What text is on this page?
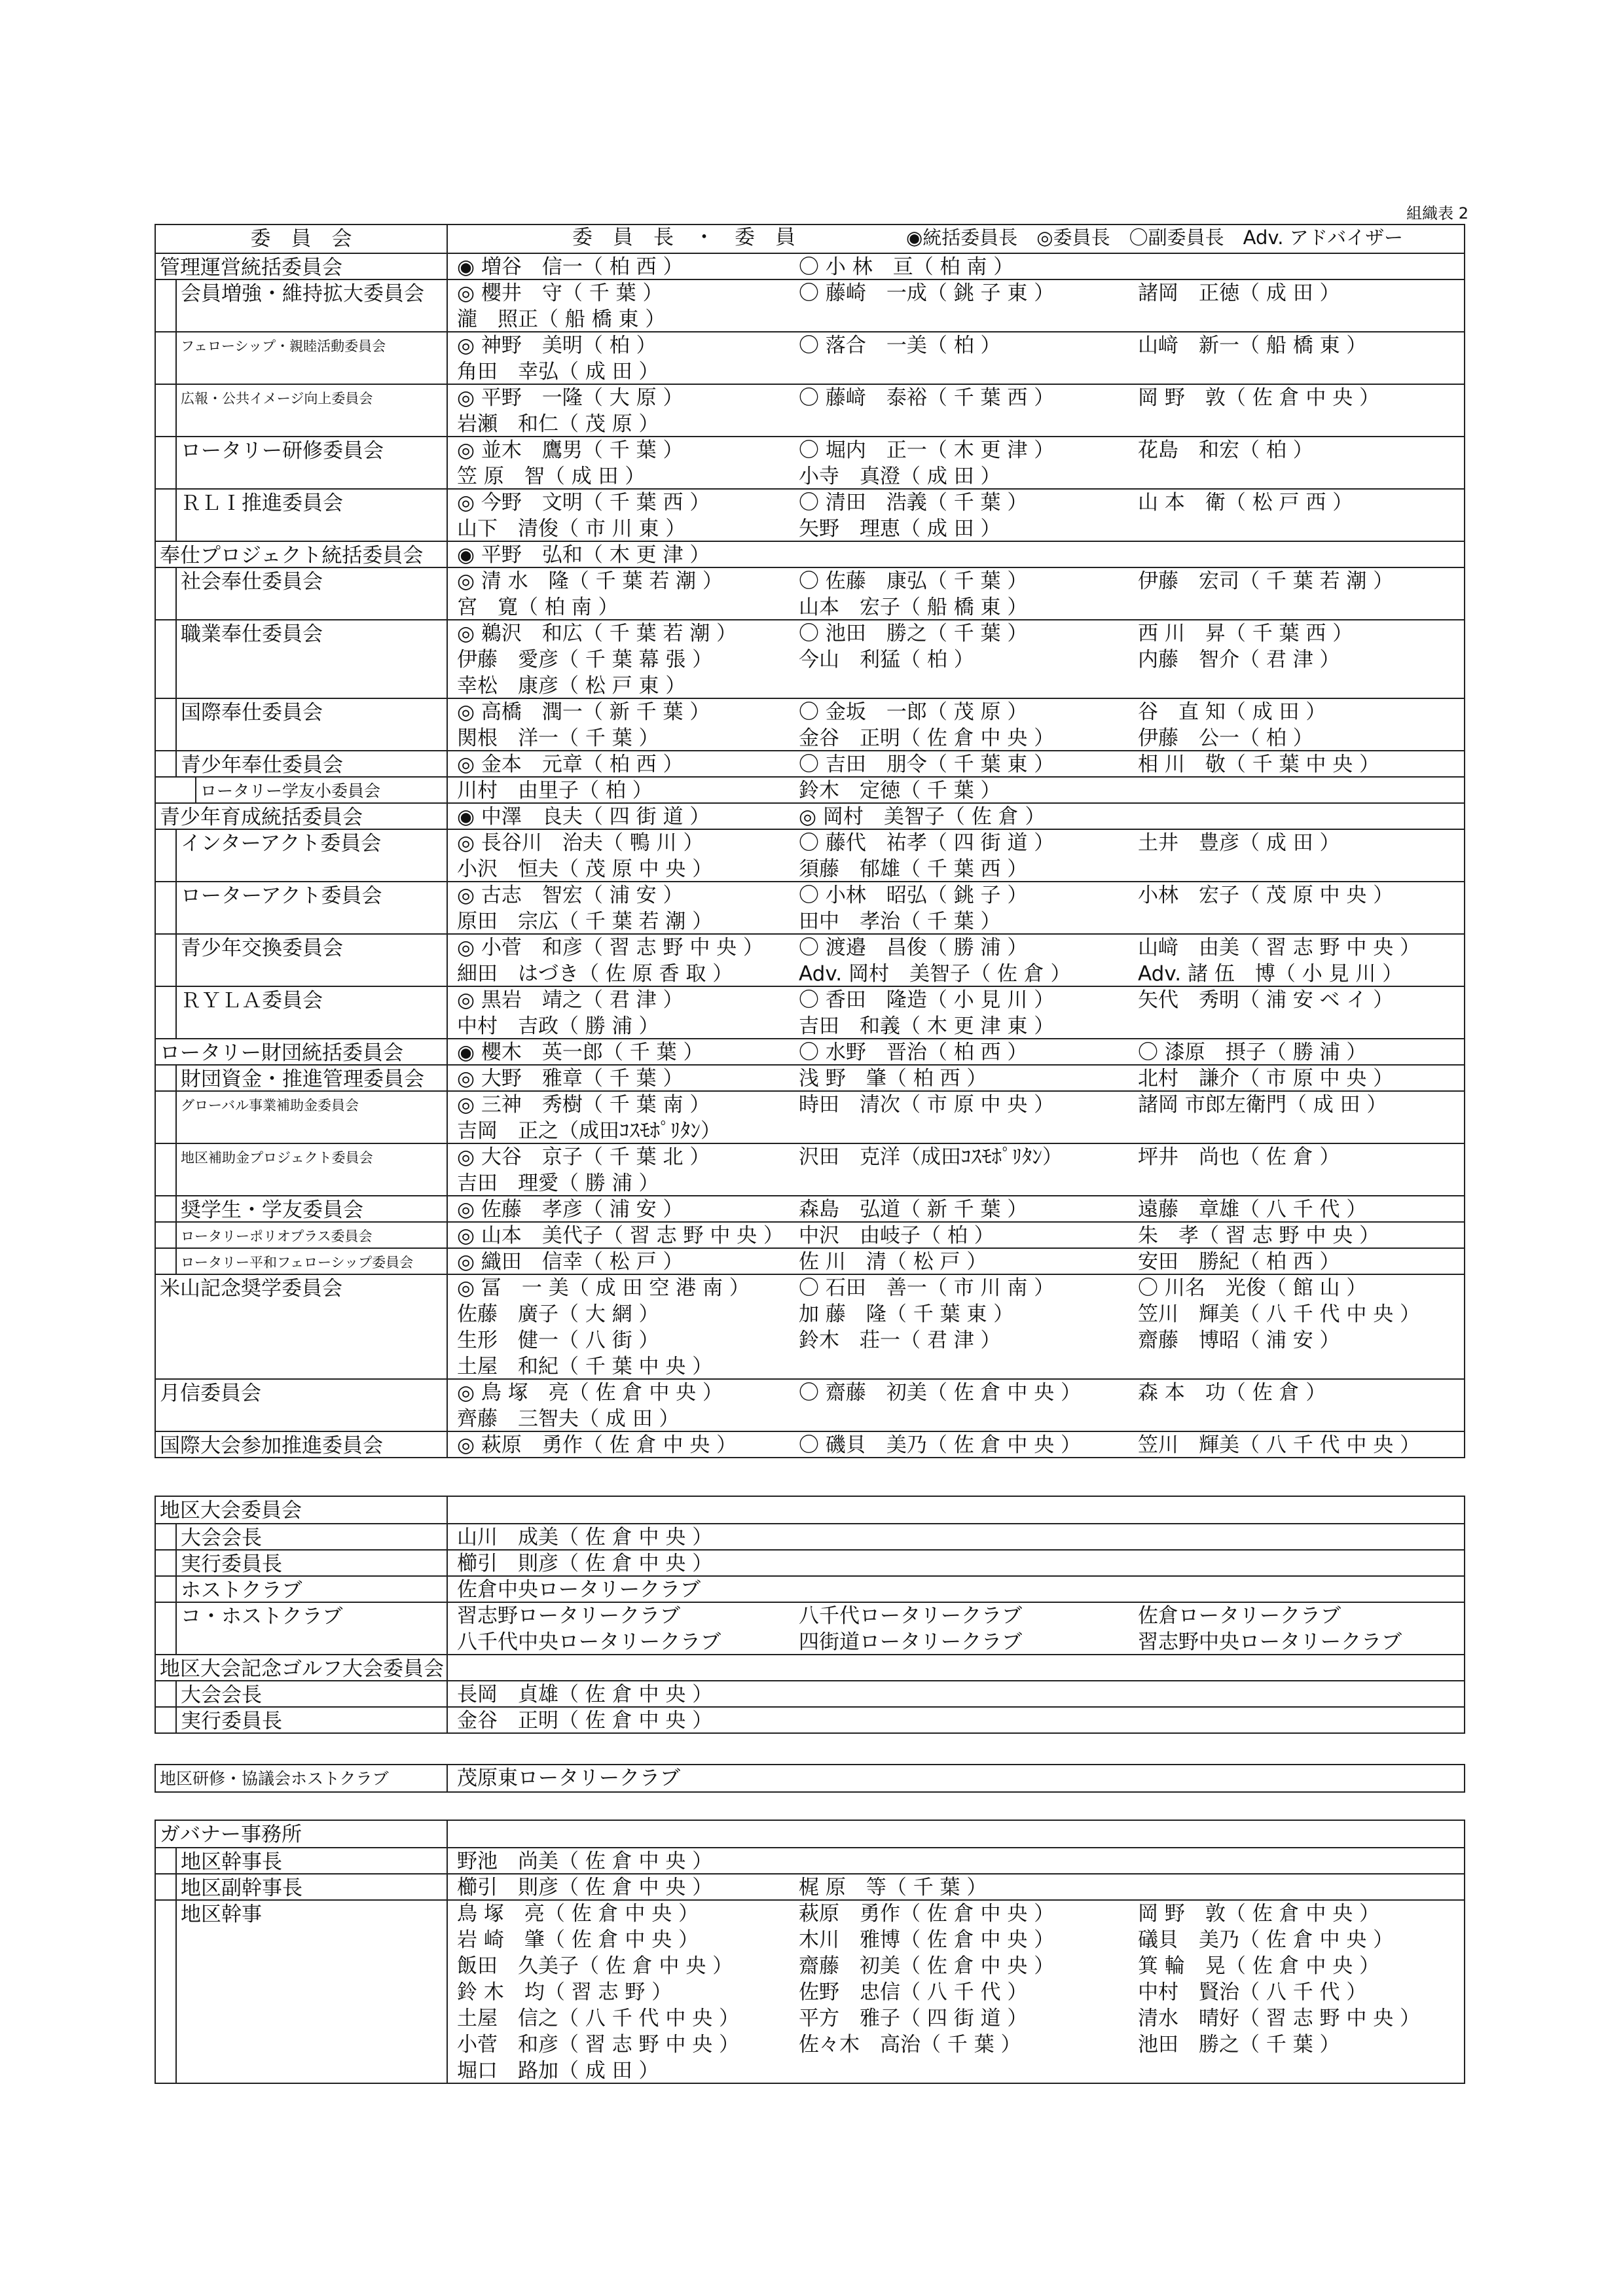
組織表 2
委　員　会	委　員　長　・　委　員	◉統括委員長　◎委員長　〇副委員長　Adv. アドバイザー
管理運営統括委員会	◉ 増谷　信一（ 柏 西 ）	〇 小 林　亘（ 柏 南 ）
会員増強・維持拡大委員会	◎ 櫻井　守（ 千 葉 ）	〇 藤崎　一成（ 銚 子 東 ）	諸岡　正徳（ 成 田 ）
瀧　照正（ 船 橋 東 ）
フェローシップ・親睦活動委員会	◎ 神野　美明（ 柏 ）	〇 落合　一美（ 柏 ）	山﨑　新一（ 船 橋 東 ）
角田　幸弘（ 成 田 ）
広報・公共イメージ向上委員会	◎ 平野　一隆（ 大 原 ）	〇 藤﨑　泰裕（ 千 葉 西 ）	岡 野　敦（ 佐 倉 中 央 ）
岩瀬　和仁（ 茂 原 ）
ロータリー研修委員会	◎ 並木　鷹男（ 千 葉 ）	〇 堀内　正一（ 木 更 津 ）	花島　和宏（ 柏 ）
笠 原　智（ 成 田 ）	小寺　真澄（ 成 田 ）
ＲＬＩ推進委員会	◎ 今野　文明（ 千 葉 西 ）	〇 清田　浩義（ 千 葉 ）	山 本　衛（ 松 戸 西 ）
山下　清俊（ 市 川 東 ）	矢野　理恵（ 成 田 ）
奉仕プロジェクト統括委員会	◉ 平野　弘和（ 木 更 津 ）
社会奉仕委員会	◎ 清 水　隆（ 千 葉 若 潮 ）	〇 佐藤　康弘（ 千 葉 ）	伊藤　宏司（ 千 葉 若 潮 ）
宮　寛（ 柏 南 ）	山本　宏子（ 船 橋 東 ）
職業奉仕委員会	◎ 鵜沢　和広（ 千 葉 若 潮 ）	〇 池田　勝之（ 千 葉 ）	西 川　昇（ 千 葉 西 ）
伊藤　愛彦（ 千 葉 幕 張 ）	今山　利猛（ 柏 ）	内藤　智介（ 君 津 ）
幸松　康彦（ 松 戸 東 ）
国際奉仕委員会	◎ 高橋　潤一（ 新 千 葉 ）	〇 金坂　一郎（ 茂 原 ）	谷　直 知（ 成 田 ）
関根　洋一（ 千 葉 ）	金谷　正明（ 佐 倉 中 央 ）	伊藤　公一（ 柏 ）
青少年奉仕委員会	◎ 金本　元章（ 柏 西 ）	〇 吉田　朋令（ 千 葉 東 ）	相 川　敬（ 千 葉 中 央 ）
ロータリー学友小委員会	川村　由里子（ 柏 ）	鈴木　定徳（ 千 葉 ）
青少年育成統括委員会	◉ 中澤　良夫（ 四 街 道 ）	◎ 岡村　美智子（ 佐 倉 ）
インターアクト委員会	◎ 長谷川　治夫（ 鴨 川 ）	〇 藤代　祐孝（ 四 街 道 ）	土井　豊彦（ 成 田 ）
小沢　恒夫（ 茂 原 中 央 ）	須藤　郁雄（ 千 葉 西 ）
ローターアクト委員会	◎ 古志　智宏（ 浦 安 ）	〇 小林　昭弘（ 銚 子 ）	小林　宏子（ 茂 原 中 央 ）
原田　宗広（ 千 葉 若 潮 ）	田中　孝治（ 千 葉 ）
青少年交換委員会	◎ 小菅　和彦（ 習 志 野 中 央 ）	〇 渡邉　昌俊（ 勝 浦 ）	山﨑　由美（ 習 志 野 中 央 ）
細田　はづき（ 佐 原 香 取 ）	Adv. 岡村　美智子（ 佐 倉 ）	Adv. 諸 伍　博（ 小 見 川 ）
ＲＹＬＡ委員会	◎ 黒岩　靖之（ 君 津 ）	〇 香田　隆造（ 小 見 川 ）	矢代　秀明（ 浦 安 ベ イ ）
中村　吉政（ 勝 浦 ）	吉田　和義（ 木 更 津 東 ）
ロータリー財団統括委員会	◉ 櫻木　英一郎（ 千 葉 ）	〇 水野　晋治（ 柏 西 ）	〇 漆原　摂子（ 勝 浦 ）
財団資金・推進管理委員会	◎ 大野　雅章（ 千 葉 ）	浅 野　肇（ 柏 西 ）	北村　謙介（ 市 原 中 央 ）
グローバル事業補助金委員会	◎ 三神　秀樹（ 千 葉 南 ）	時田　清次（ 市 原 中 央 ）	諸岡 市郎左衛門（ 成 田 ）
吉岡　正之（成田ｺｽﾓﾎﾟﾘﾀﾝ）
地区補助金プロジェクト委員会	◎ 大谷　京子（ 千 葉 北 ）	沢田　克洋（成田ｺｽﾓﾎﾟﾘﾀﾝ）	坪井　尚也（ 佐 倉 ）
吉田　理愛（ 勝 浦 ）
奨学生・学友委員会	◎ 佐藤　孝彦（ 浦 安 ）	森島　弘道（ 新 千 葉 ）	遠藤　章雄（ 八 千 代 ）
ロータリーポリオプラス委員会	◎ 山本　美代子（ 習 志 野 中 央 ） 中沢　由岐子（ 柏 ）	朱　孝（ 習 志 野 中 央 ）
ロータリー平和フェローシップ委員会	◎ 織田　信幸（ 松 戸 ）	佐 川　清（ 松 戸 ）	安田　勝紀（ 柏 西 ）
米山記念奨学委員会	◎ 冨　一 美（ 成 田 空 港 南 ）	〇 石田　善一（ 市 川 南 ）	〇 川名　光俊（ 館 山 ）
佐藤　廣子（ 大 網 ）	加 藤　隆（ 千 葉 東 ）	笠川　輝美（ 八 千 代 中 央 ）
生形　健一（ 八 街 ）	鈴木　荘一（ 君 津 ）	齋藤　博昭（ 浦 安 ）
土屋　和紀（ 千 葉 中 央 ）
月信委員会	◎ 鳥 塚　亮（ 佐 倉 中 央 ）	〇 齋藤　初美（ 佐 倉 中 央 ）	森 本　功（ 佐 倉 ）
齊藤　三智夫（ 成 田 ）
国際大会参加推進委員会	◎ 萩原　勇作（ 佐 倉 中 央 ）	〇 磯貝　美乃（ 佐 倉 中 央 ）	笠川　輝美（ 八 千 代 中 央 ）
地区大会委員会
大会会長	山川　成美（ 佐 倉 中 央 ）
実行委員長	櫛引　則彦（ 佐 倉 中 央 ）
ホストクラブ	佐倉中央ロータリークラブ
コ・ホストクラブ	習志野ロータリークラブ	八千代ロータリークラブ	佐倉ロータリークラブ
八千代中央ロータリークラブ	四街道ロータリークラブ	習志野中央ロータリークラブ
地区大会記念ゴルフ大会委員会
大会会長	長岡　貞雄（ 佐 倉 中 央 ）
実行委員長	金谷　正明（ 佐 倉 中 央 ）
地区研修・協議会ホストクラブ	茂原東ロータリークラブ
ガバナー事務所
地区幹事長	野池　尚美（ 佐 倉 中 央 ）
地区副幹事長	櫛引　則彦（ 佐 倉 中 央 ）	梶 原　等（ 千 葉 ）
地区幹事	鳥 塚　亮（ 佐 倉 中 央 ）	萩原　勇作（ 佐 倉 中 央 ）	岡 野　敦（ 佐 倉 中 央 ）
岩 崎　肇（ 佐 倉 中 央 ）	木川　雅博（ 佐 倉 中 央 ）	礒貝　美乃（ 佐 倉 中 央 ）
飯田　久美子（ 佐 倉 中 央 ）	齋藤　初美（ 佐 倉 中 央 ）	箕 輪　晃（ 佐 倉 中 央 ）
鈴 木　均（ 習 志 野 ）	佐野　忠信（ 八 千 代 ）	中村　賢治（ 八 千 代 ）
土屋　信之（ 八 千 代 中 央 ）	平方　雅子（ 四 街 道 ）	清水　晴好（ 習 志 野 中 央 ）
小菅　和彦（ 習 志 野 中 央 ）	佐々木　高治（ 千 葉 ）	池田　勝之（ 千 葉 ）
堀口　路加（ 成 田 ）
